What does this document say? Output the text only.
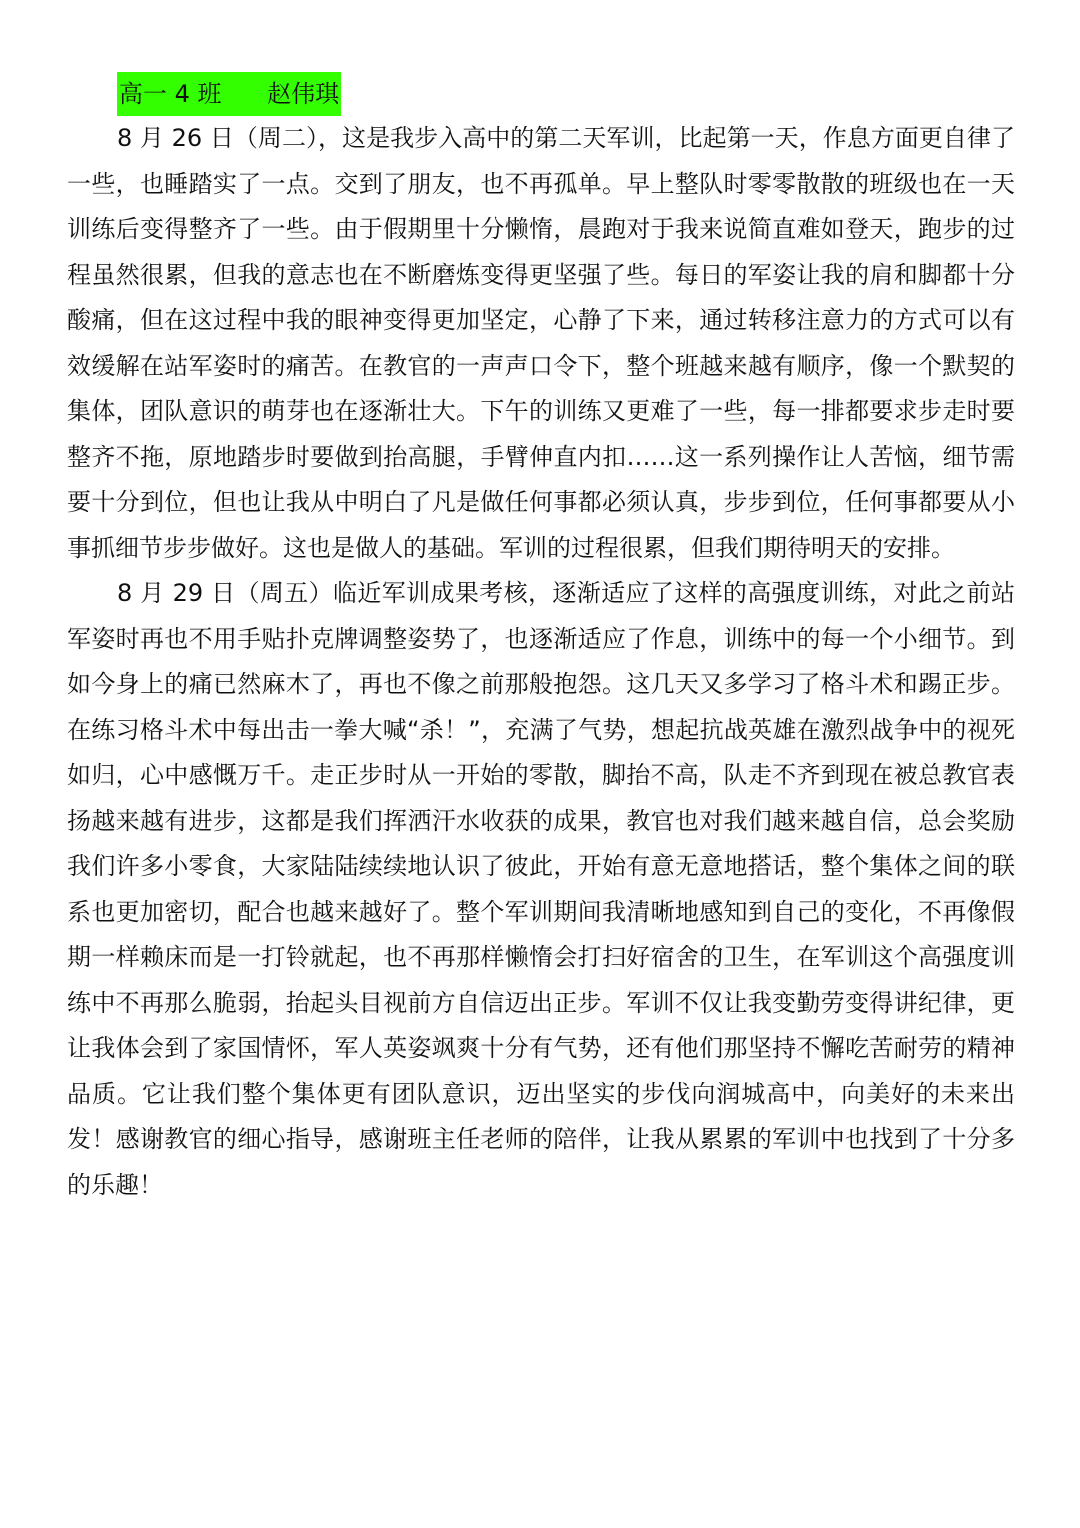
高一 4 班      赵伟琪

8 月 26 日（周二），这是我步入高中的第二天军训，比起第一天，作息方面更自律了一些，也睡踏实了一点。交到了朋友，也不再孤单。早上整队时零零散散的班级也在一天训练后变得整齐了一些。由于假期里十分懒惰，晨跑对于我来说简直难如登天，跑步的过程虽然很累，但我的意志也在不断磨炼变得更坚强了些。每日的军姿让我的肩和脚都十分酸痛，但在这过程中我的眼神变得更加坚定，心静了下来，通过转移注意力的方式可以有效缓解在站军姿时的痛苦。在教官的一声声口令下，整个班越来越有顺序，像一个默契的集体，团队意识的萌芽也在逐渐壮大。下午的训练又更难了一些，每一排都要求步走时要整齐不拖，原地踏步时要做到抬高腿，手臂伸直内扣……这一系列操作让人苦恼，细节需要十分到位，但也让我从中明白了凡是做任何事都必须认真，步步到位，任何事都要从小事抓细节步步做好。这也是做人的基础。军训的过程很累，但我们期待明天的安排。

8 月 29 日（周五）临近军训成果考核，逐渐适应了这样的高强度训练，对此之前站军姿时再也不用手贴扑克牌调整姿势了，也逐渐适应了作息，训练中的每一个小细节。到如今身上的痛已然麻木了，再也不像之前那般抱怨。这几天又多学习了格斗术和踢正步。在练习格斗术中每出击一拳大喊“杀！”，充满了气势，想起抗战英雄在激烈战争中的视死如归，心中感慨万千。走正步时从一开始的零散，脚抬不高，队走不齐到现在被总教官表扬越来越有进步，这都是我们挥洒汗水收获的成果，教官也对我们越来越自信，总会奖励我们许多小零食，大家陆陆续续地认识了彼此，开始有意无意地搭话，整个集体之间的联系也更加密切，配合也越来越好了。整个军训期间我清晰地感知到自己的变化，不再像假期一样赖床而是一打铃就起，也不再那样懒惰会打扫好宿舍的卫生，在军训这个高强度训练中不再那么脆弱，抬起头目视前方自信迈出正步。军训不仅让我变勤劳变得讲纪律，更让我体会到了家国情怀，军人英姿飒爽十分有气势，还有他们那坚持不懈吃苦耐劳的精神品质。它让我们整个集体更有团队意识，迈出坚实的步伐向润城高中，向美好的未来出发！感谢教官的细心指导，感谢班主任老师的陪伴，让我从累累的军训中也找到了十分多的乐趣！
